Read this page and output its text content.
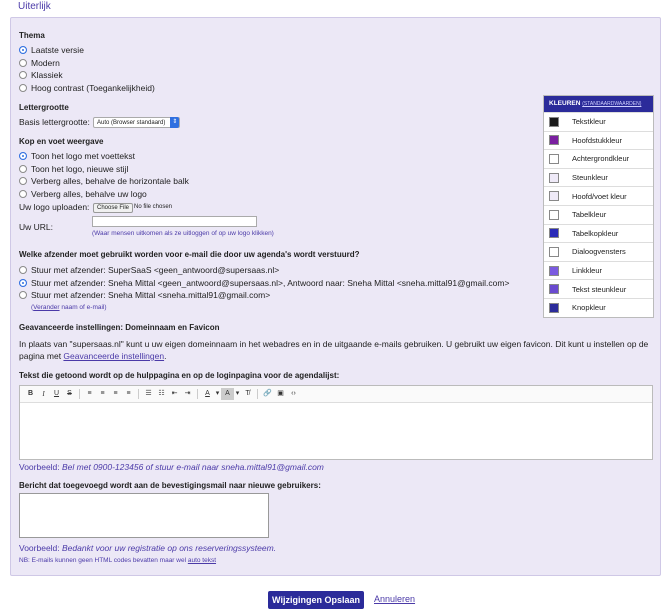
Uiterlijk
Thema
Laatste versie
Modern
Klassiek
Hoog contrast (Toegankelijkheid)
Lettergrootte
Basis lettergrootte:	Auto (Browser standaard)	⇕
Kop en voet weergave
Toon het logo met voettekst
Toon het logo, nieuwe stijl
Verberg alles, behalve de horizontale balk
Verberg alles, behalve uw logo
Uw logo uploaden:	Choose File No file chosen
Uw URL:
(Waar mensen uitkomen als ze uitloggen of op uw logo klikken)
Welke afzender moet gebruikt worden voor e-mail die door uw agenda's wordt verstuurd?
Stuur met afzender: SuperSaaS <geen_antwoord@supersaas.nl>
Stuur met afzender: Sneha Mittal <geen_antwoord@supersaas.nl>, Antwoord naar: Sneha Mittal <sneha.mittal91@gmail.com>
Stuur met afzender: Sneha Mittal <sneha.mittal91@gmail.com>
(Verander naam of e-mail)
Geavanceerde instellingen: Domeinnaam en Favicon
In plaats van "supersaas.nl" kunt u uw eigen domeinnaam in het webadres en in de uitgaande e-mails gebruiken. U gebruikt uw eigen favicon. Dit kunt u instellen op de pagina met Geavanceerde instellingen.
Tekst die getoond wordt op de hulppagina en op de loginpagina voor de agendalijst:
B	I	U	S	≡	≡	≡	≡	☰ ☷ ⇤	⇥	A ▾ A ▾ T̸	🔗 ▣	‹›
Voorbeeld: Bel met 0900-123456 of stuur e-mail naar sneha.mittal91@gmail.com
Bericht dat toegevoegd wordt aan de bevestigingsmail naar nieuwe gebruikers:
Voorbeeld: Bedankt voor uw registratie op ons reserveringssysteem.
NB: E-mails kunnen geen HTML codes bevatten maar wel auto tekst
KLEUREN (STANDAARDWAARDEN)
Tekstkleur
Hoofdstukkleur
Achtergrondkleur
Steunkleur
Hoofd/voet kleur
Tabelkleur
Tabelkopkleur
Dialoogvensters
Linkkleur
Tekst steunkleur
Knopkleur
Wijzigingen Opslaan	Annuleren
